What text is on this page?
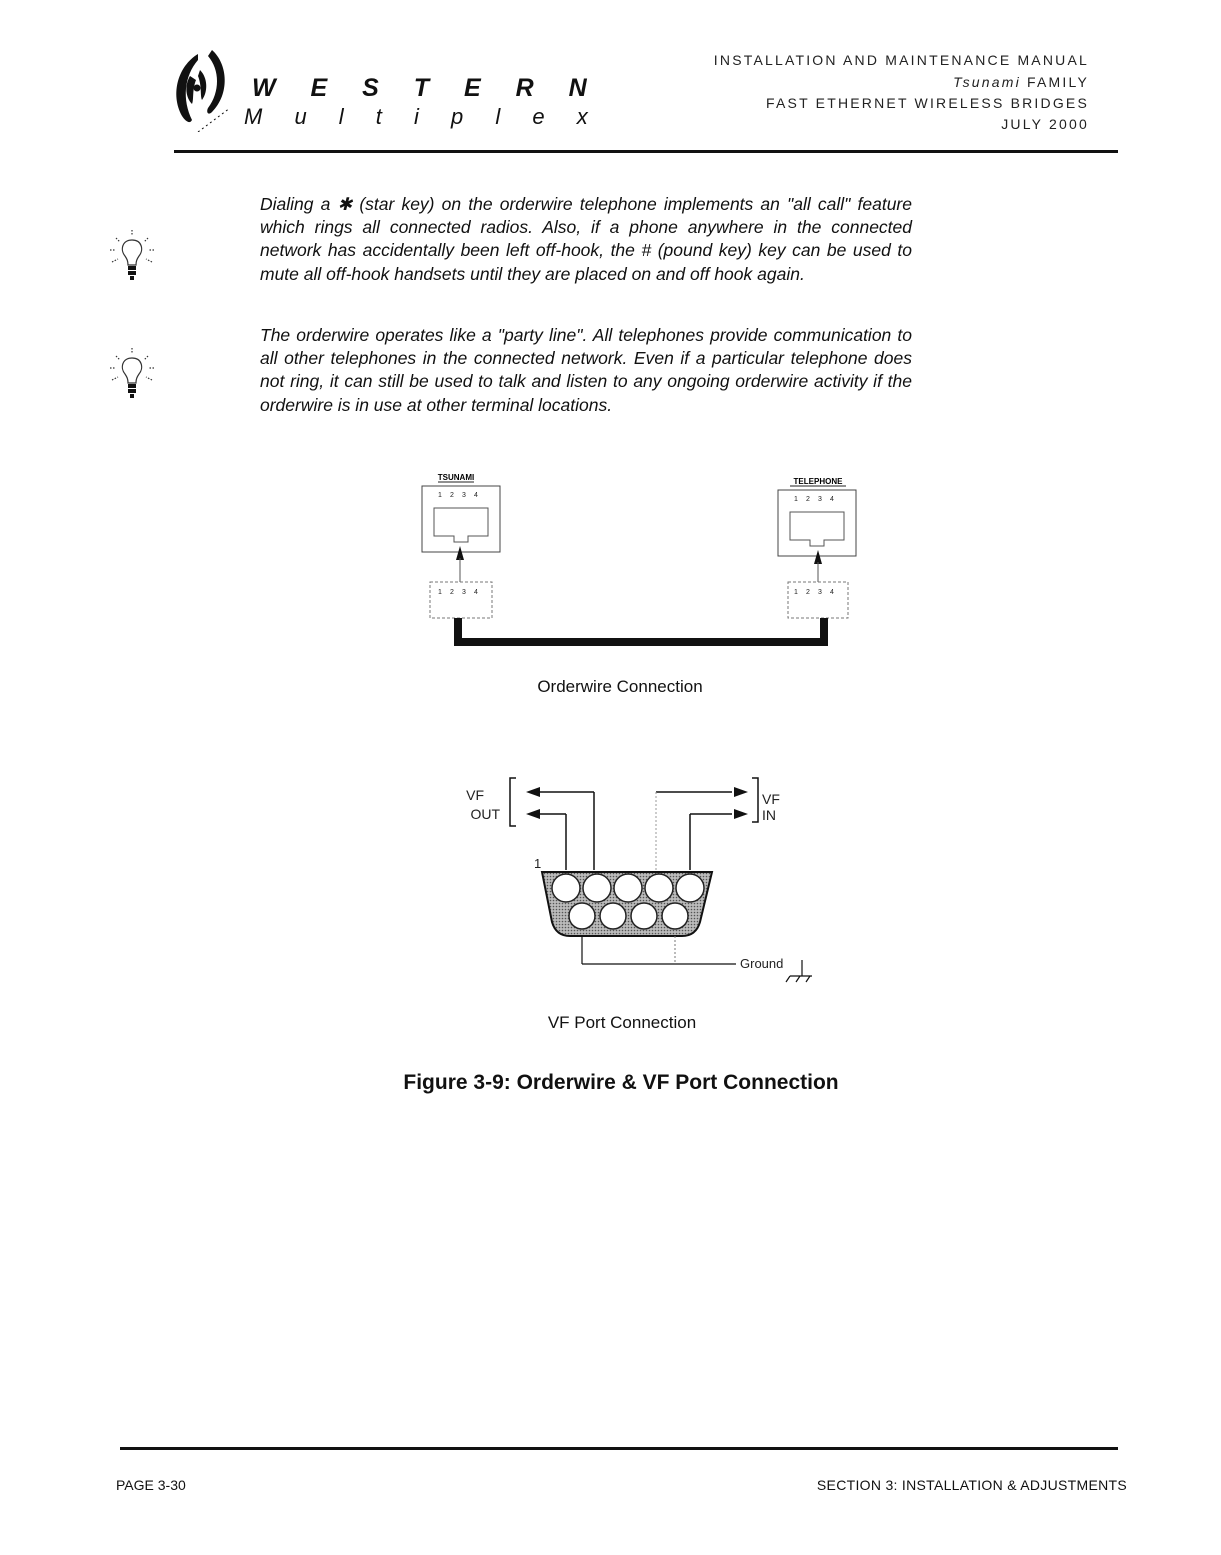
W E S T E R N
M u l t i p l e x
INSTALLATION AND MAINTENANCE MANUAL
Tsunami FAMILY
FAST ETHERNET WIRELESS BRIDGES
JULY 2000
Dialing a ✱ (star key) on the orderwire telephone implements an "all call" feature which rings all connected radios. Also, if a phone anywhere in the connected network has accidentally been left off-hook, the # (pound key) key can be used to mute all off-hook handsets until they are placed on and off hook again.
The orderwire operates like a "party line". All telephones provide communication to all other telephones in the connected network. Even if a particular telephone does not ring, it can still be used to talk and listen to any ongoing orderwire activity if the orderwire is in use at other terminal locations.
TSUNAMI
1 2 3 4
1 2 3 4
TELEPHONE
1 2 3 4
1 2 3 4
Orderwire Connection
VF
OUT
VF
IN
1
Ground
VF Port Connection
Figure 3-9: Orderwire & VF Port Connection
PAGE 3-30	SECTION 3: INSTALLATION & ADJUSTMENTS
